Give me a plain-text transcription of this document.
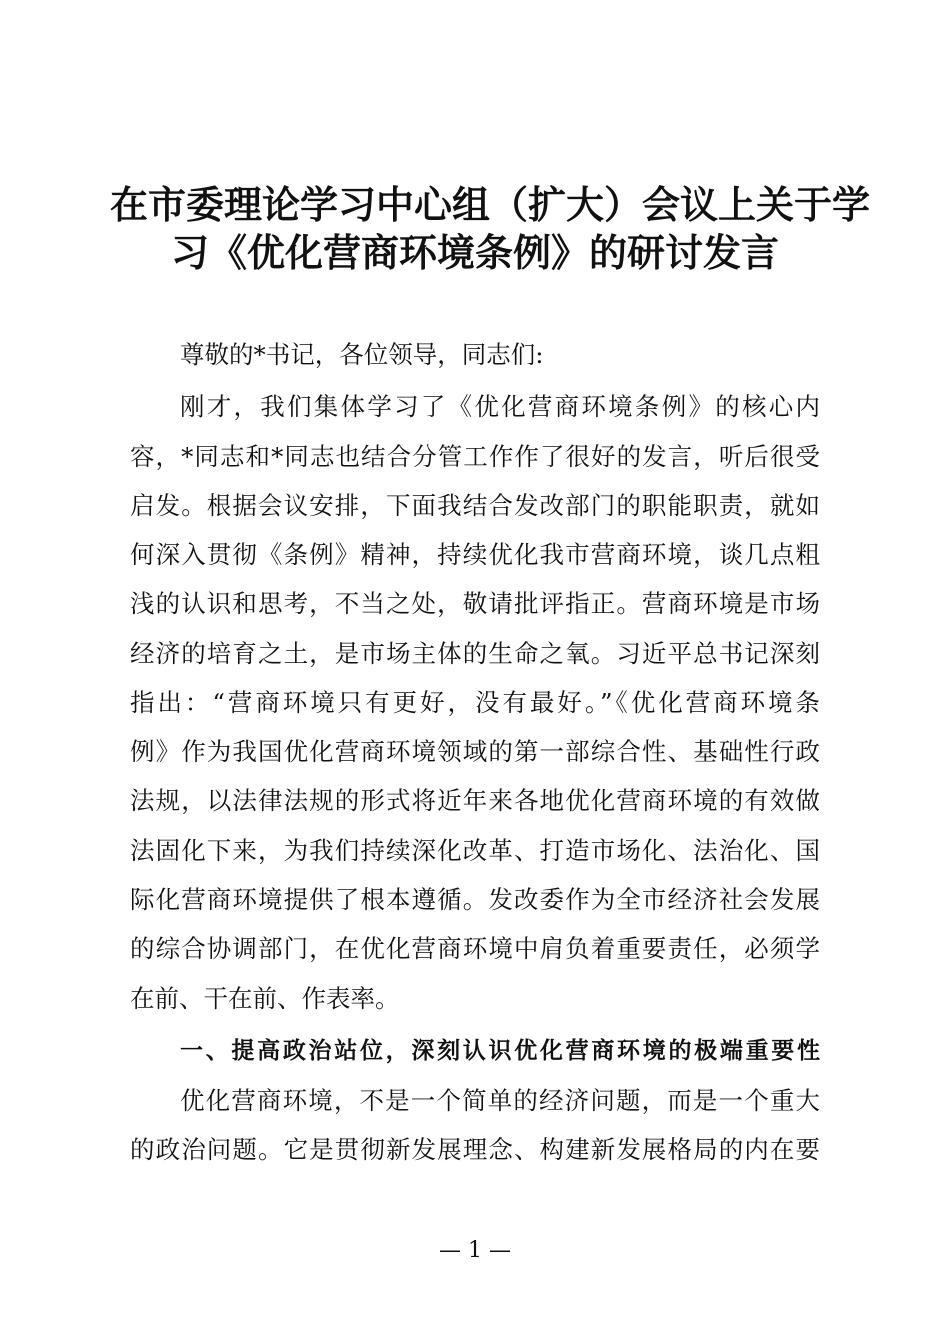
在市委理论学习中心组（扩大）会议上关于学
习《优化营商环境条例》的研讨发言
尊敬的*书记，各位领导，同志们:
刚才，我们集体学习了《优化营商环境条例》的核心内
容，*同志和*同志也结合分管工作作了很好的发言，听后很受
启发。根据会议安排，下面我结合发改部门的职能职责，就如
何深入贯彻《条例》精神，持续优化我市营商环境，谈几点粗
浅的认识和思考，不当之处，敬请批评指正。营商环境是市场
经济的培育之土，是市场主体的生命之氧。习近平总书记深刻
指出：“营商环境只有更好，没有最好。”《优化营商环境条
例》作为我国优化营商环境领域的第一部综合性、基础性行政
法规，以法律法规的形式将近年来各地优化营商环境的有效做
法固化下来，为我们持续深化改革、打造市场化、法治化、国
际化营商环境提供了根本遵循。发改委作为全市经济社会发展
的综合协调部门，在优化营商环境中肩负着重要责任，必须学
在前、干在前、作表率。
一、提高政治站位，深刻认识优化营商环境的极端重要性
优化营商环境，不是一个简单的经济问题，而是一个重大
的政治问题。它是贯彻新发展理念、构建新发展格局的内在要
— 1 —
